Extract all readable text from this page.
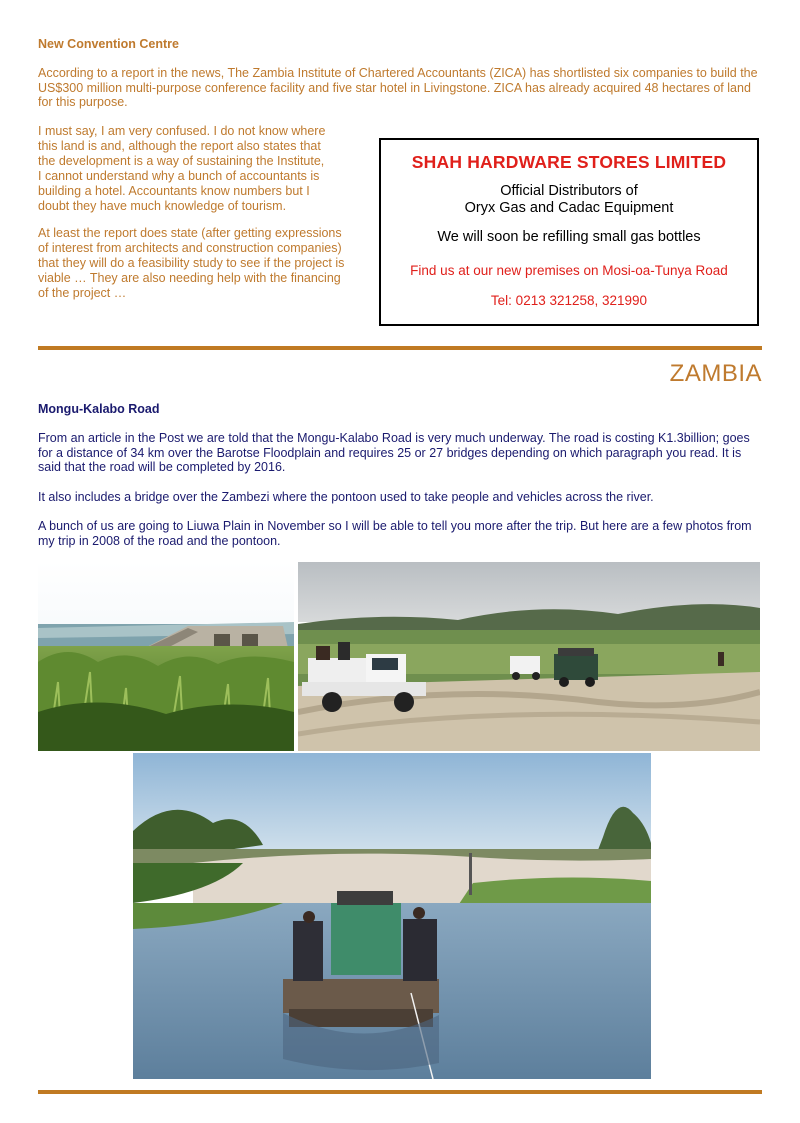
New Convention Centre

According to a report in the news, The Zambia Institute of Chartered Accountants (ZICA) has shortlisted six companies to build the US$300 million multi-purpose conference facility and five star hotel in Livingstone. ZICA has already acquired 48 hectares of land for this purpose.

I must say, I am very confused. I do not know where
this land is and, although the report also states that
the development is a way of sustaining the Institute,
I cannot understand why a bunch of accountants is
building a hotel. Accountants know numbers but I
doubt they have much knowledge of tourism.
At least the report does state (after getting expressions
of interest from architects and construction companies)
that they will do a feasibility study to see if the project is
viable … They are also needing help with the financing
of the project …
SHAH HARDWARE STORES LIMITED
Official Distributors of
Oryx Gas and Cadac Equipment
We will soon be refilling small gas bottles
Find us at our new premises on Mosi-oa-Tunya Road
Tel: 0213 321258, 321990
ZAMBIA
Mongu-Kalabo Road

From an article in the Post we are told that the Mongu-Kalabo Road is very much underway. The road is costing K1.3billion; goes for a distance of 34 km over the Barotse Floodplain and requires 25 or 27 bridges depending on which paragraph you read. It is said that the road will be completed by 2016.

It also includes a bridge over the Zambezi where the pontoon used to take people and vehicles across the river.

A bunch of us are going to Liuwa Plain in November so I will be able to tell you more after the trip. But here are a few photos from my trip in 2008 of the road and the pontoon.
